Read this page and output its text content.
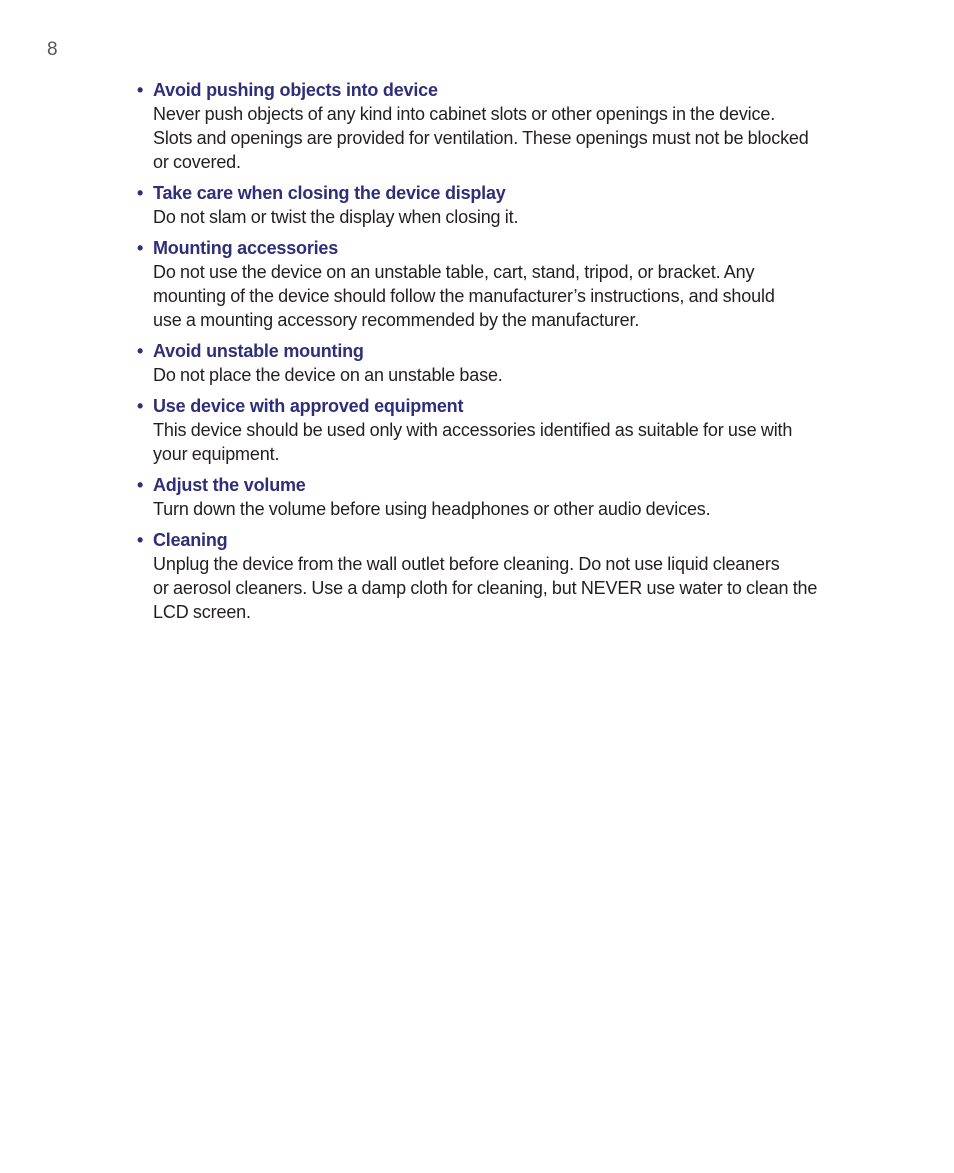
8
• Avoid pushing objects into device
Never push objects of any kind into cabinet slots or other openings in the device.
Slots and openings are provided for ventilation. These openings must not be blocked
or covered.
• Take care when closing the device display
Do not slam or twist the display when closing it.
• Mounting accessories
Do not use the device on an unstable table, cart, stand, tripod, or bracket. Any
mounting of the device should follow the manufacturer’s instructions, and should
use a mounting accessory recommended by the manufacturer.
• Avoid unstable mounting
Do not place the device on an unstable base.
• Use device with approved equipment
This device should be used only with accessories identified as suitable for use with
your equipment.
• Adjust the volume
Turn down the volume before using headphones or other audio devices.
• Cleaning
Unplug the device from the wall outlet before cleaning. Do not use liquid cleaners
or aerosol cleaners. Use a damp cloth for cleaning, but NEVER use water to clean the
LCD screen.
